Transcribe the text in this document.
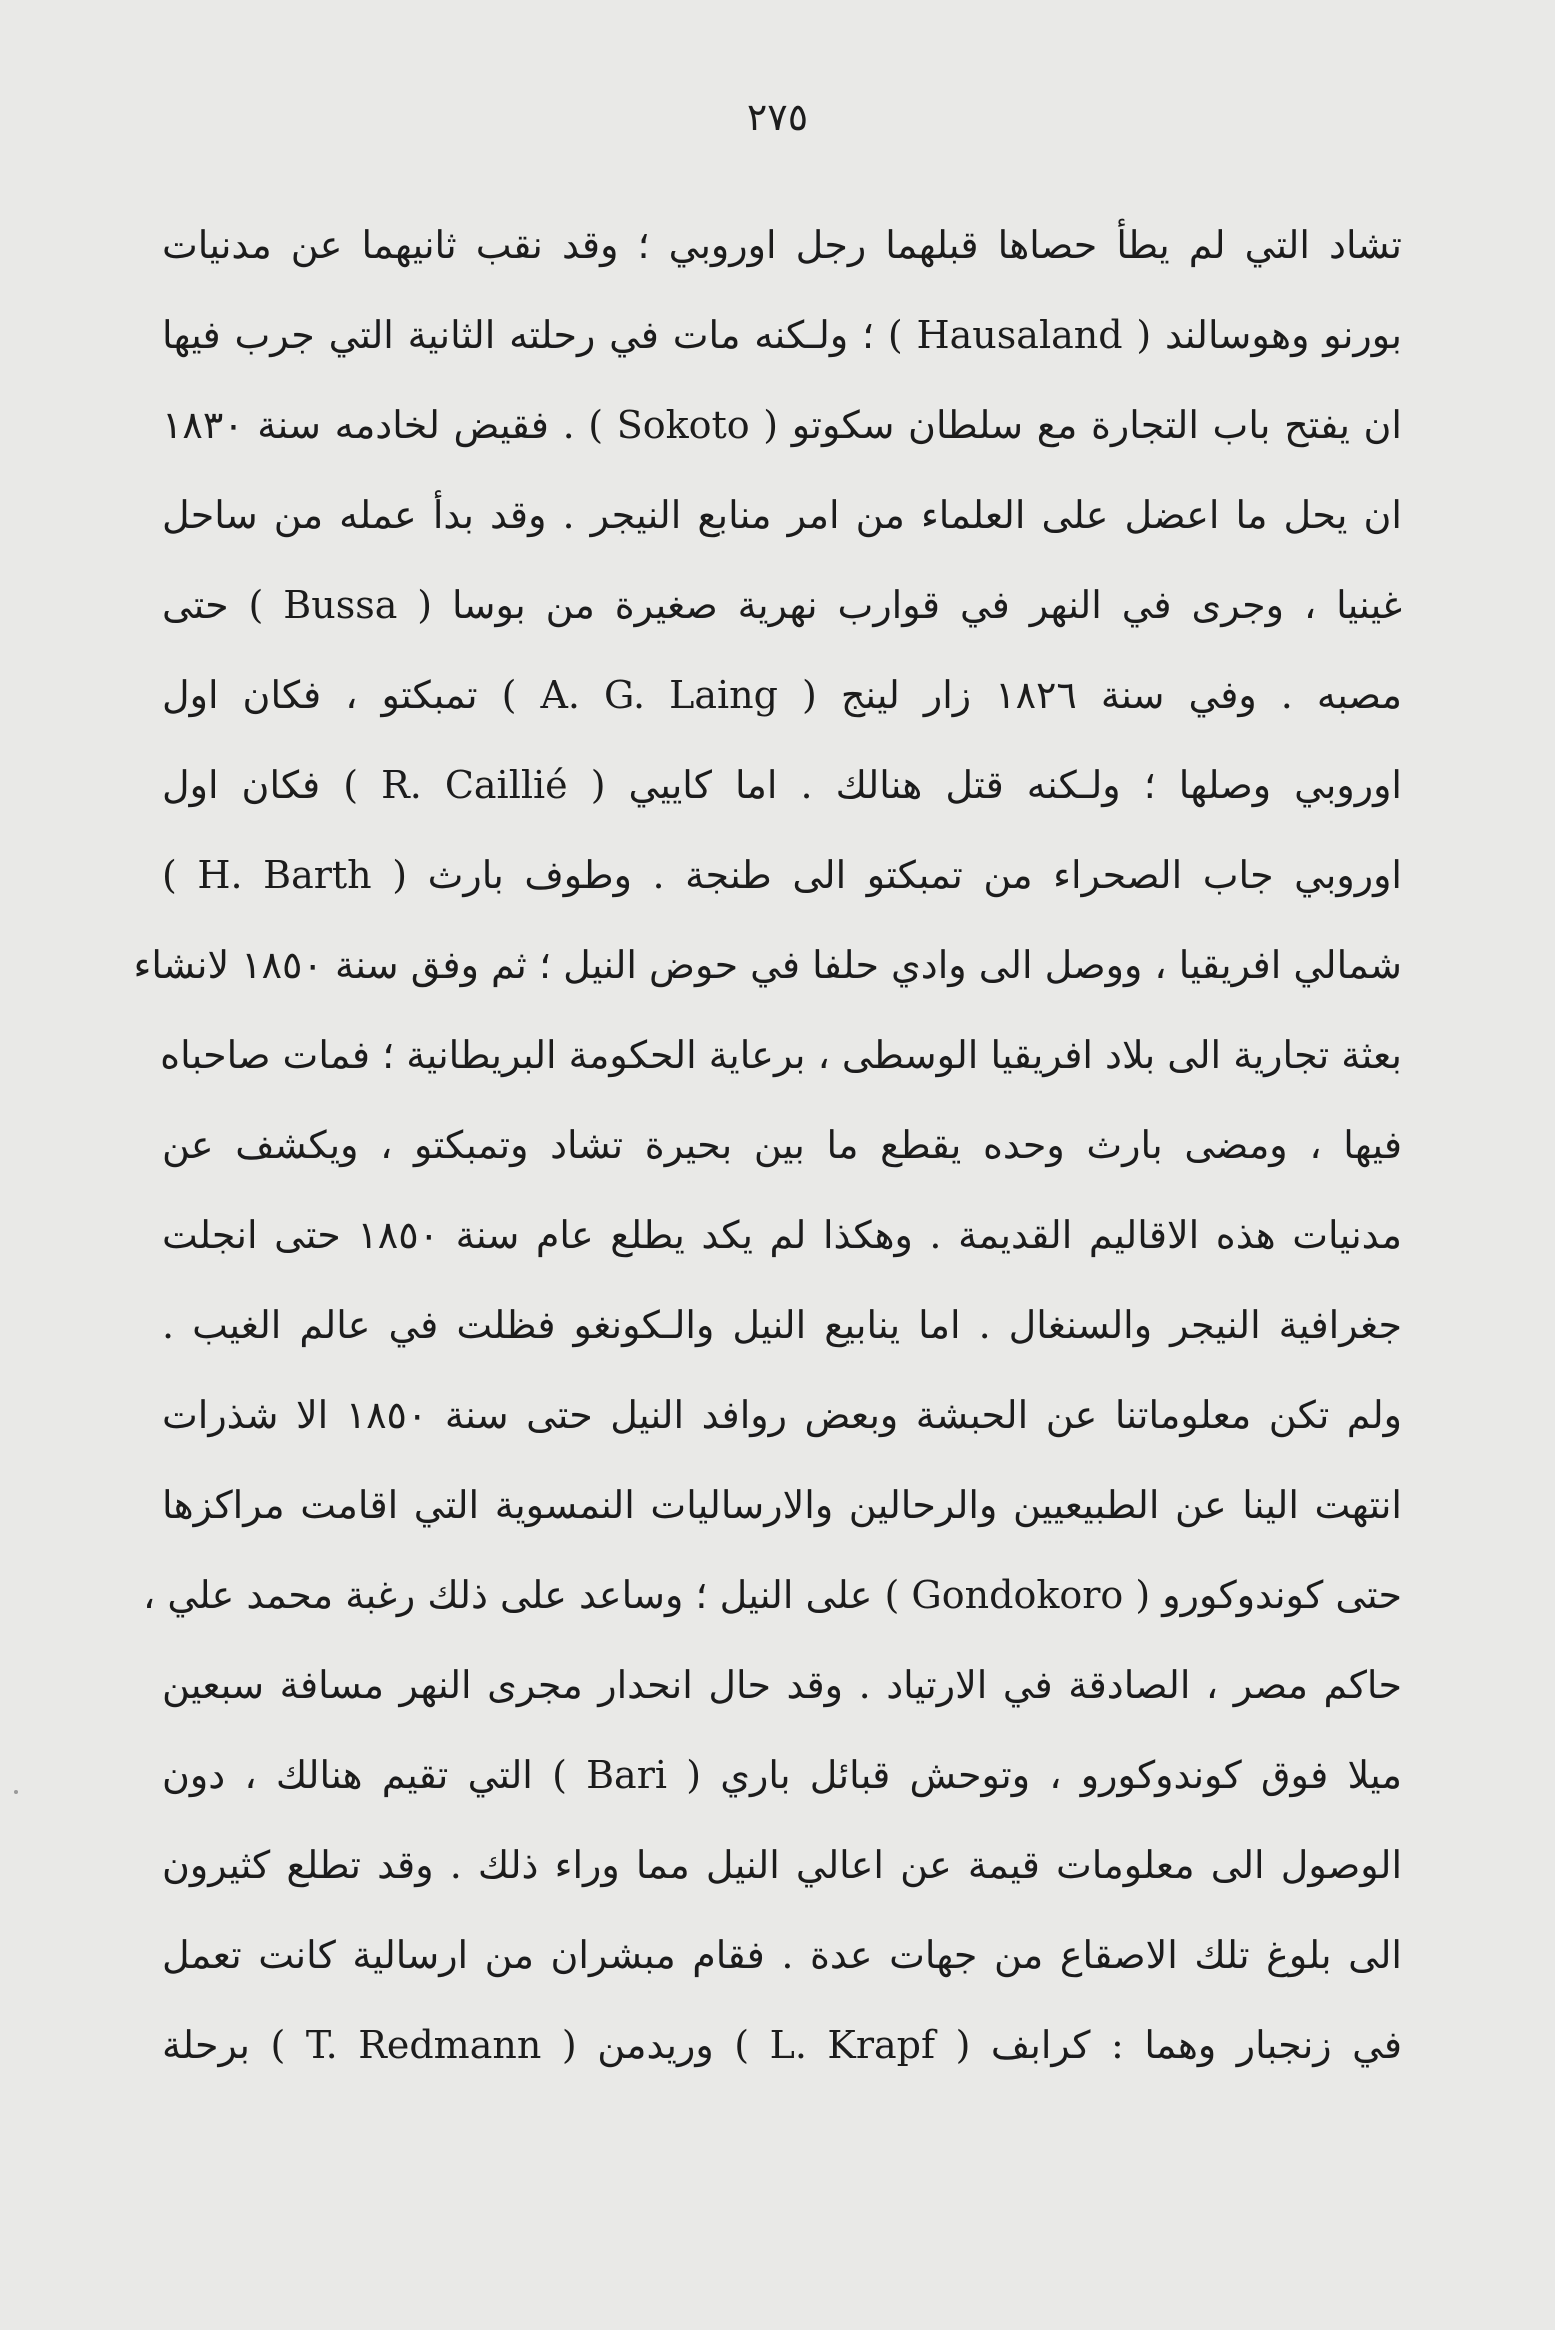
٢٧٥
تشاد التي لم يطأ حصاها قبلهما رجل اوروبي ؛ وقد نقب ثانيهما عن مدنيات
بورنو وهوسالند ( Hausaland ) ؛ ولـكنه مات في رحلته الثانية التي جرب فيها
ان يفتح باب التجارة مع سلطان سكوتو ( Sokoto ) . فقيض لخادمه سنة ١٨٣٠
ان يحل ما اعضل على العلماء من امر منابع النيجر . وقد بدأ عمله من ساحل
غينيا ، وجرى في النهر في قوارب نهرية صغيرة من بوسا ( Bussa ) حتى
مصبه . وفي سنة ١٨٢٦ زار لينج ( A. G. Laing ) تمبكتو ، فكان اول
اوروبي وصلها ؛ ولـكنه قتل هنالك . اما كاييي ( R. Caillié ) فكان اول
اوروبي جاب الصحراء من تمبكتو الى طنجة . وطوف بارث ( H. Barth )
شمالي افريقيا ، ووصل الى وادي حلفا في حوض النيل ؛ ثم وفق سنة ١٨٥٠ لانشاء
بعثة تجارية الى بلاد افريقيا الوسطى ، برعاية الحكومة البريطانية ؛ فمات صاحباه
فيها ، ومضى بارث وحده يقطع ما بين بحيرة تشاد وتمبكتو ، ويكشف عن
مدنيات هذه الاقاليم القديمة . وهكذا لم يكد يطلع عام سنة ١٨٥٠ حتى انجلت
جغرافية النيجر والسنغال . اما ينابيع النيل والـكونغو فظلت في عالم الغيب .
ولم تكن معلوماتنا عن الحبشة وبعض روافد النيل حتى سنة ١٨٥٠ الا شذرات
انتهت الينا عن الطبيعيين والرحالين والارساليات النمسوية التي اقامت مراكزها
حتى كوندوكورو ( Gondokoro ) على النيل ؛ وساعد على ذلك رغبة محمد علي ،
حاكم مصر ، الصادقة في الارتياد . وقد حال انحدار مجرى النهر مسافة سبعين
ميلا فوق كوندوكورو ، وتوحش قبائل باري ( Bari ) التي تقيم هنالك ، دون
الوصول الى معلومات قيمة عن اعالي النيل مما وراء ذلك . وقد تطلع كثيرون
الى بلوغ تلك الاصقاع من جهات عدة . فقام مبشران من ارسالية كانت تعمل
في زنجبار وهما : كرابف ( L. Krapf ) وريدمن ( T. Redmann ) برحلة
